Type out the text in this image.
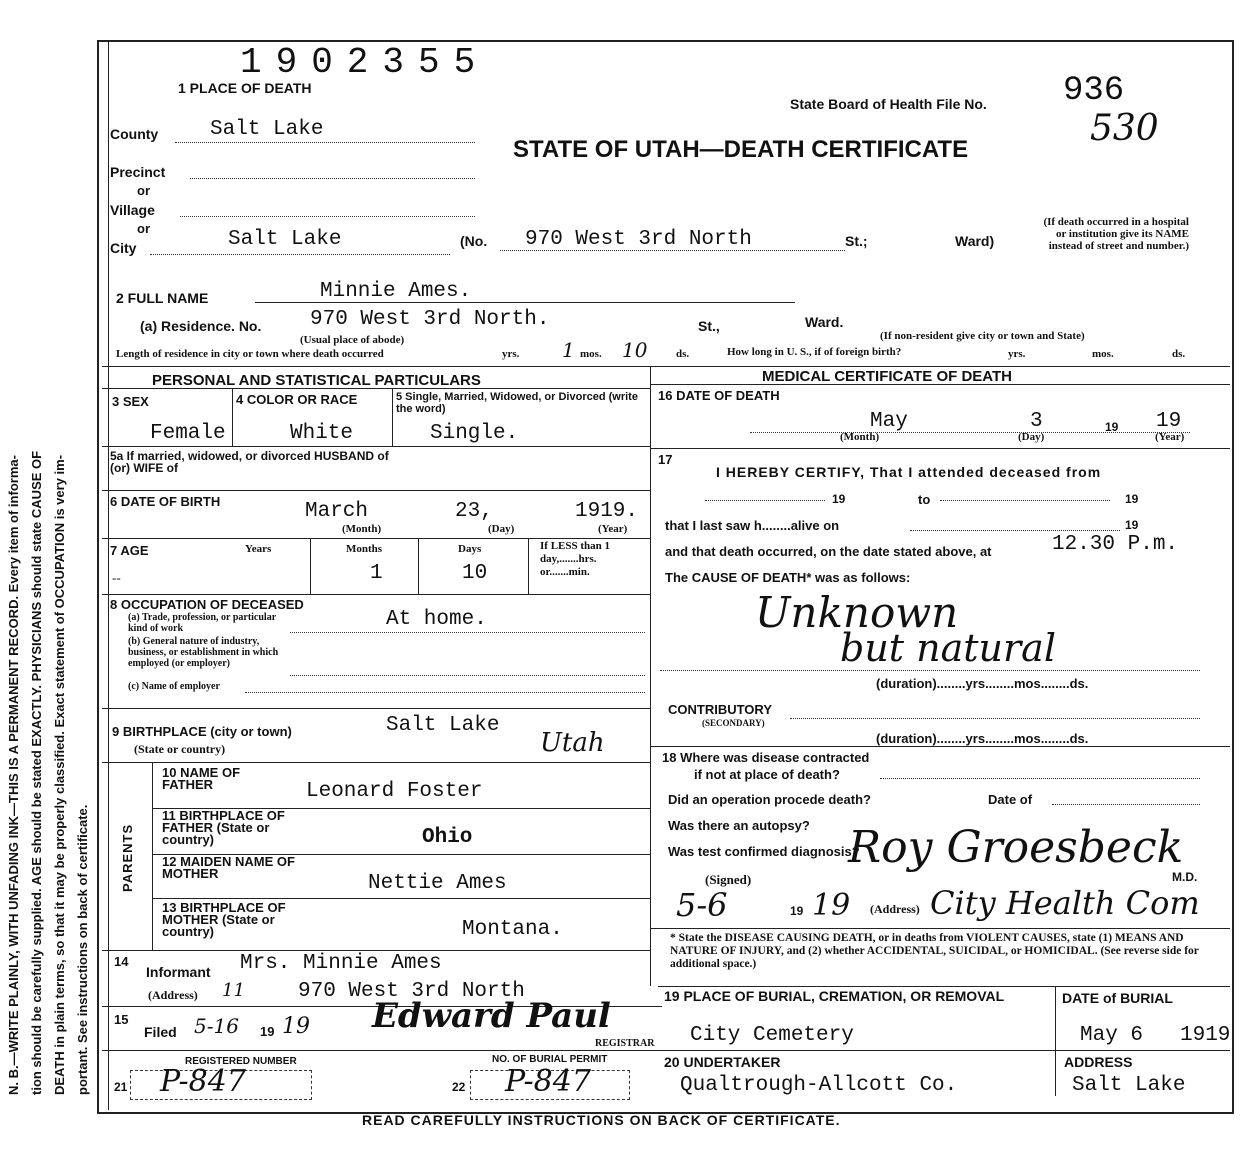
N. B.—WRITE PLAINLY, WITH UNFADING INK—THIS IS A PERMANENT RECORD. Every item of informa- tion should be carefully supplied. AGE should be stated EXACTLY. PHYSICIANS should state CAUSE OF DEATH in plain terms, so that it may be properly classified. Exact statement of OCCUPATION is very im- portant. See instructions on back of certificate.
1902355
1 PLACE OF DEATH
State Board of Health File No. 936
530
STATE OF UTAH—DEATH CERTIFICATE
County Salt Lake
Precinct
or
Village
or
City	Salt Lake	(No. 970 West 3rd North	St.;	Ward)
(If death occurred in a hospital or institution give its NAME instead of street and number.)
2 FULL NAME	Minnie Ames.
(a) Residence. No. 970 West 3rd North.	St.,	Ward.
(Usual place of abode)	(If non-resident give city or town and State)
Length of residence in city or town where death occurred	yrs. 1 mos. 10	ds.	How long in U. S., if of foreign birth?	yrs.	mos.	ds.
PERSONAL AND STATISTICAL PARTICULARS	MEDICAL CERTIFICATE OF DEATH
3 SEX
Female
4 COLOR OR RACE
White
5 Single, Married, Widowed, or Divorced (write the word)
Single.
5a If married, widowed, or divorced HUSBAND of (or) WIFE of
6 DATE OF BIRTH	March	23,	1919.
(Month)	(Day)	(Year)
7 AGE	Years	Months	Days	If LESS than 1 day,.......hrs. or.......min.
--	1	10
8 OCCUPATION OF DECEASED
(a) Trade, profession, or particular kind of work
(b) General nature of industry, business, or establishment in which employed (or employer)
(c) Name of employer
At home.
9 BIRTHPLACE (city or town)
(State or country)
Salt Lake
Utah
PARENTS
10 NAME OF FATHER	Leonard Foster
11 BIRTHPLACE OF FATHER (State or country)	Ohio
12 MAIDEN NAME OF MOTHER	Nettie Ames
13 BIRTHPLACE OF MOTHER (State or country)	Montana.
14
Informant Mrs. Minnie Ames
(Address) 11	970 West 3rd North
15
Filed 5-16 19 19 Edward Paul
REGISTRAR
REGISTERED NUMBER
21 P-847
NO. OF BURIAL PERMIT
22 P-847
16 DATE OF DEATH
May	3	19 19
(Month)	(Day)	(Year)
17
I HEREBY CERTIFY, That I attended deceased from
19	to	19
that I last saw h........alive on	19
and that death occurred, on the date stated above, at	12.30 P.m.
The CAUSE OF DEATH* was as follows:
Unknown
but natural
(duration)........yrs........mos........ds.
CONTRIBUTORY
(SECONDARY)
(duration)........yrs........mos........ds.
18 Where was disease contracted
if not at place of death?
Did an operation procede death?	Date of
Was there an autopsy?
Was test confirmed diagnosis?
(Signed)
Roy Groesbeck
M.D.
5-6	19 19 (Address) City Health Com
* State the DISEASE CAUSING DEATH, or in deaths from VIOLENT CAUSES, state (1) MEANS AND NATURE OF INJURY, and (2) whether ACCIDENTAL, SUICIDAL, or HOMICIDAL. (See reverse side for additional space.)
19 PLACE OF BURIAL, CREMATION, OR REMOVAL
City Cemetery
DATE of BURIAL
May 6 1919
20 UNDERTAKER
Qualtrough-Allcott Co.
ADDRESS
Salt Lake
READ CAREFULLY INSTRUCTIONS ON BACK OF CERTIFICATE.
